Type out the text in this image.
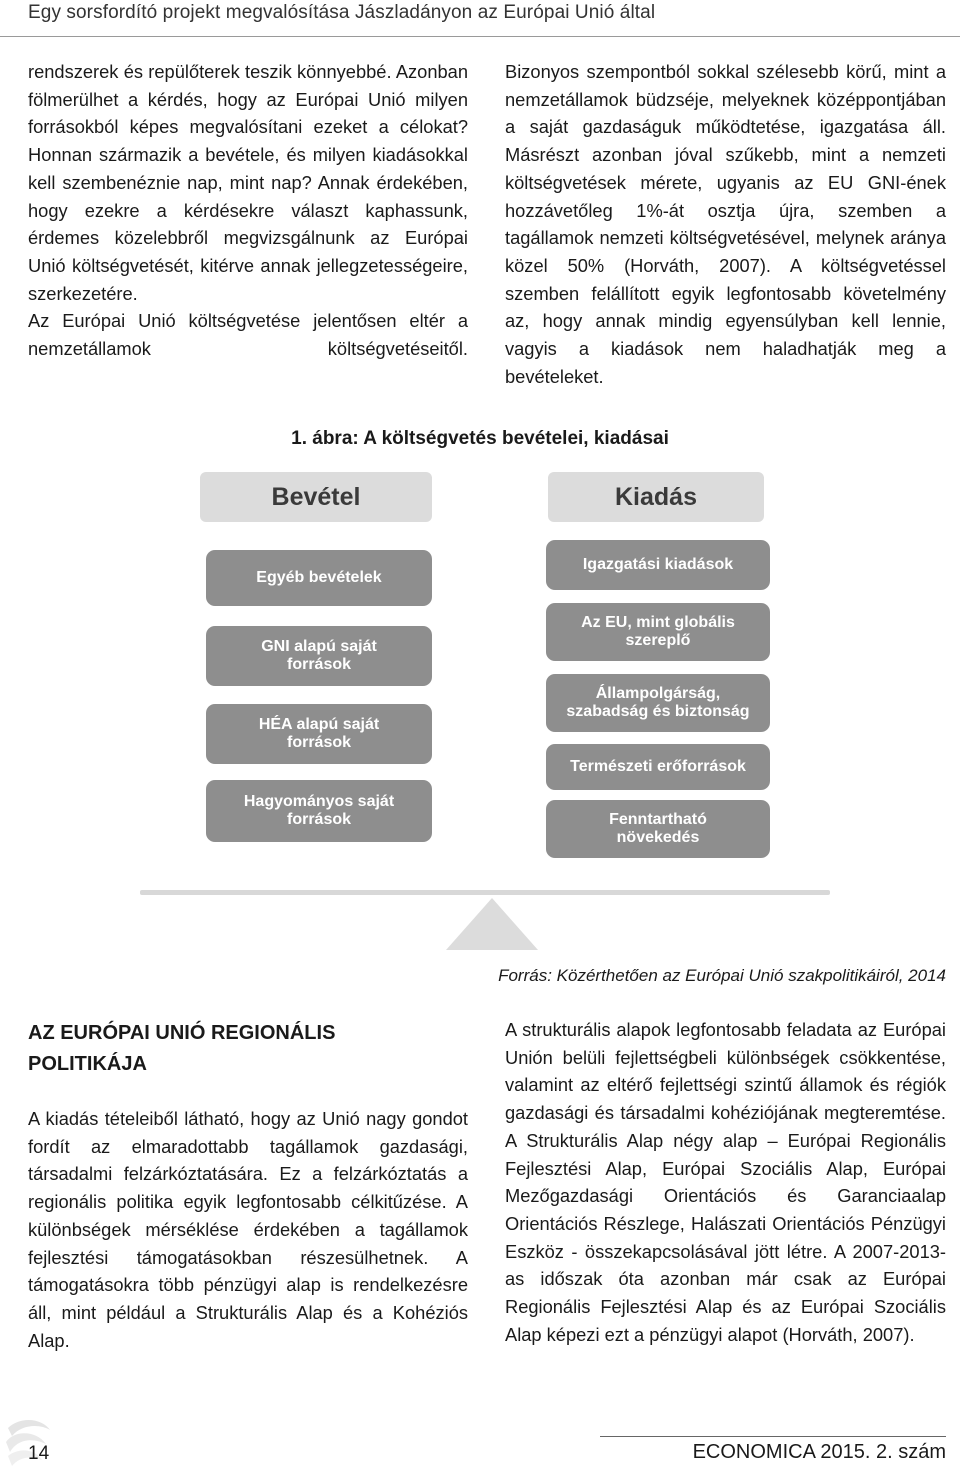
Egy sorsfordító projekt megvalósítása Jászladányon az Európai Unió által

rendszerek és repülőterek teszik könnyebbé. Azonban fölmerülhet a kérdés, hogy az Európai Unió milyen forrásokból képes megvalósítani ezeket a célokat? Honnan származik a bevétele, és milyen kiadásokkal kell szembenéznie nap, mint nap? Annak érdekében, hogy ezekre a kérdésekre választ kaphassunk, érdemes közelebbről megvizsgálnunk az Európai Unió költségvetését, kitérve annak jellegzetességeire, szerkezetére.

Az Európai Unió költségvetése jelentősen eltér a nemzetállamok költségvetéseitől.

Bizonyos szempontból sokkal szélesebb körű, mint a nemzetállamok büdzséje, melyeknek középpontjában a saját gazdaságuk működtetése, igazgatása áll. Másrészt azonban jóval szűkebb, mint a nemzeti költségvetések mérete, ugyanis az EU GNI-ének hozzávetőleg 1%-át osztja újra, szemben a tagállamok nemzeti költségvetésével, melynek aránya közel 50% (Horváth, 2007). A költségvetéssel szemben felállított egyik legfontosabb követelmény az, hogy annak mindig egyensúlyban kell lennie, vagyis a kiadások nem haladhatják meg a bevételeket.

1. ábra: A költségvetés bevételei, kiadásai
Bevétel	Kiadás
Egyéb bevételek
GNI alapú saját
források
HÉA alapú saját
források
Hagyományos saját
források
Igazgatási kiadások
Az EU, mint globális
szereplő
Állampolgárság,
szabadság és biztonság
Természeti erőforrások
Fenntartható
növekedés
Forrás: Közérthetően az Európai Unió szakpolitikáiról, 2014
AZ EURÓPAI UNIÓ REGIONÁLIS POLITIKÁJA

A kiadás tételeiből látható, hogy az Unió nagy gondot fordít az elmaradottabb tagállamok gazdasági, társadalmi felzárkóztatására. Ez a felzárkóztatás a regionális politika egyik legfontosabb célkitűzése. A különbségek mérséklése érdekében a tagállamok fejlesztési támogatásokban részesülhetnek. A támogatásokra több pénzügyi alap is rendelkezésre áll, mint például a Strukturális Alap és a Kohéziós Alap.

A strukturális alapok legfontosabb feladata az Európai Unión belüli fejlettségbeli különbségek csökkentése, valamint az eltérő fejlettségi szintű államok és régiók gazdasági és társadalmi kohéziójának megteremtése. A Strukturális Alap négy alap – Európai Regionális Fejlesztési Alap, Európai Szociális Alap, Európai Mezőgazdasági Orientációs és Garanciaalap Orientációs Részlege, Halászati Orientációs Pénzügyi Eszköz - összekapcsolásával jött létre. A 2007-2013-as időszak óta azonban már csak az Európai Regionális Fejlesztési Alap és az Európai Szociális Alap képezi ezt a pénzügyi alapot (Horváth, 2007).

14	ECONOMICA 2015. 2. szám
